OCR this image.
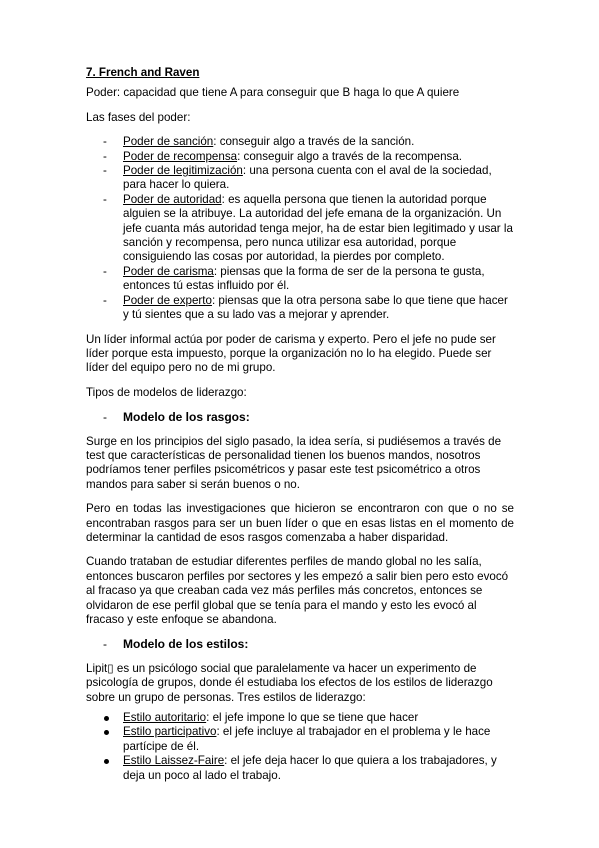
7. French and Raven

Poder: capacidad que tiene A para conseguir que B haga lo que A quiere

Las fases del poder:

- Poder de sanción: conseguir algo a través de la sanción.
- Poder de recompensa: conseguir algo a través de la recompensa.
- Poder de legitimización: una persona cuenta con el aval de la sociedad, para hacer lo quiera.
- Poder de autoridad: es aquella persona que tienen la autoridad porque alguien se la atribuye. La autoridad del jefe emana de la organización. Un jefe cuanta más autoridad tenga mejor, ha de estar bien legitimado y usar la sanción y recompensa, pero nunca utilizar esa autoridad, porque consiguiendo las cosas por autoridad, la pierdes por completo.
- Poder de carisma: piensas que la forma de ser de la persona te gusta, entonces tú estas influido por él.
- Poder de experto: piensas que la otra persona sabe lo que tiene que hacer y tú sientes que a su lado vas a mejorar y aprender.

Un líder informal actúa por poder de carisma y experto. Pero el jefe no pude ser líder porque esta impuesto, porque la organización no lo ha elegido. Puede ser líder del equipo pero no de mi grupo.

Tipos de modelos de liderazgo:

- Modelo de los rasgos:

Surge en los principios del siglo pasado, la idea sería, si pudiésemos a través de test que características de personalidad tienen los buenos mandos, nosotros podríamos tener perfiles psicométricos y pasar este test psicométrico a otros mandos para saber si serán buenos o no.

Pero en todas las investigaciones que hicieron se encontraron con que o no se encontraban rasgos para ser un buen líder o que en esas listas en el momento de determinar la cantidad de esos rasgos comenzaba a haber disparidad.

Cuando trataban de estudiar diferentes perfiles de mando global no les salía, entonces buscaron perfiles por sectores y les empezó a salir bien pero esto evocó al fracaso ya que creaban cada vez más perfiles más concretos, entonces se olvidaron de ese perfil global que se tenía para el mando y esto les evocó al fracaso y este enfoque se abandona.

- Modelo de los estilos:

Lipit▯ es un psicólogo social que paralelamente va hacer un experimento de psicología de grupos, donde él estudiaba los efectos de los estilos de liderazgo sobre un grupo de personas. Tres estilos de liderazgo:

Estilo autoritario: el jefe impone lo que se tiene que hacer
Estilo participativo: el jefe incluye al trabajador en el problema y le hace partícipe de él.
Estilo Laissez-Faire: el jefe deja hacer lo que quiera a los trabajadores, y deja un poco al lado el trabajo.
